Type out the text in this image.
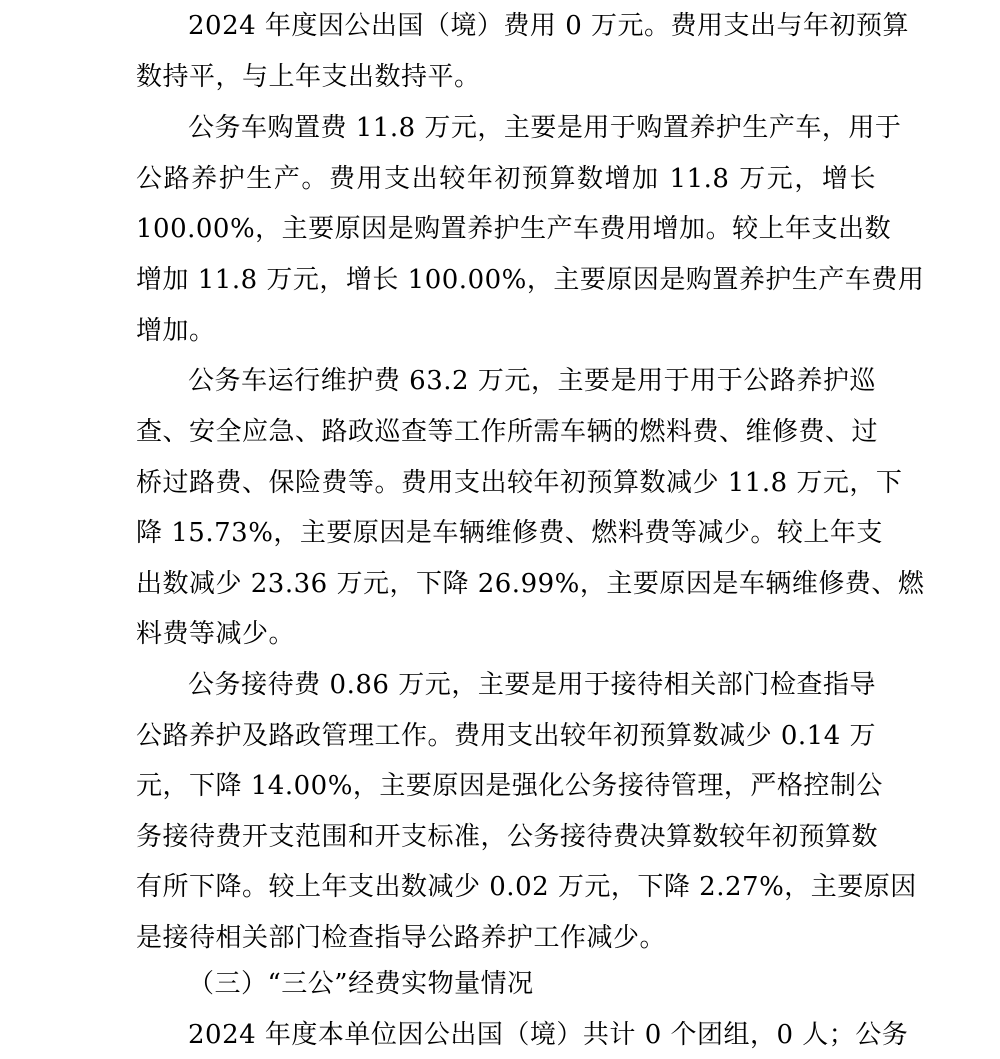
2024 年度因公出国（境）费用 0 万元。费用支出与年初预算
数持平，与上年支出数持平。
公务车购置费 11.8 万元，主要是用于购置养护生产车，用于
公路养护生产。费用支出较年初预算数增加 11.8 万元，增长
100.00%，主要原因是购置养护生产车费用增加。较上年支出数
增加 11.8 万元，增长 100.00%，主要原因是购置养护生产车费用
增加。
公务车运行维护费 63.2 万元，主要是用于用于公路养护巡
查、安全应急、路政巡查等工作所需车辆的燃料费、维修费、过
桥过路费、保险费等。费用支出较年初预算数减少 11.8 万元，下
降 15.73%，主要原因是车辆维修费、燃料费等减少。较上年支
出数减少 23.36 万元，下降 26.99%，主要原因是车辆维修费、燃
料费等减少。
公务接待费 0.86 万元，主要是用于接待相关部门检查指导
公路养护及路政管理工作。费用支出较年初预算数减少 0.14 万
元，下降 14.00%，主要原因是强化公务接待管理，严格控制公
务接待费开支范围和开支标准，公务接待费决算数较年初预算数
有所下降。较上年支出数减少 0.02 万元，下降 2.27%，主要原因
是接待相关部门检查指导公路养护工作减少。
（三）“三公”经费实物量情况
2024 年度本单位因公出国（境）共计 0 个团组，0 人；公务
